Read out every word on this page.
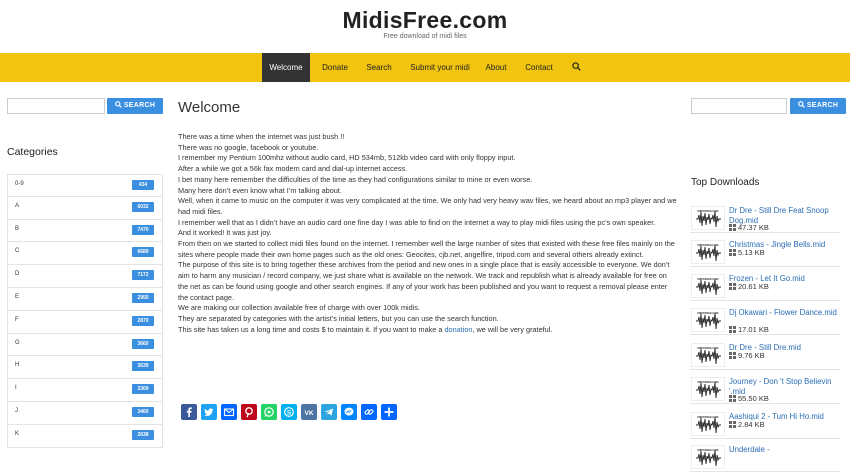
MidisFree.com
Free download of midi files
Welcome	Donate	Search	Submit your midi	About	Contact
SEARCH
Categories
0-9	434
A	6032
B	7470
C	6689
D	7172
E	2950
F	2870
G	3660
H	3639
I	2309
J	3460
K	2638
Welcome

There was a time when the internet was just bush !!

There was no google, facebook or youtube.

I remember my Pentium 100mhz without audio card, HD 534mb, 512kb video card with only floppy input.

After a while we got a 56k fax modem card and dial-up internet access.

I bet many here remember the difficulties of the time as they had configurations similar to mine or even worse.

Many here don’t even know what I’m talking about.

Well, when it came to music on the computer it was very complicated at the time. We only had very heavy wav files, we heard about an mp3 player and we had midi files.

I remember well that as I didn’t have an audio card one fine day I was able to find on the internet a way to play midi files using the pc’s own speaker.

And it worked! It was just joy.

From then on we started to collect midi files found on the internet. I remember well the large number of sites that existed with these free files mainly on the sites where people made their own home pages such as the old ones: Geocites, cjb.net, angelfire, tripod.com and several others already extinct.

The purpose of this site is to bring together these archives from the period and new ones in a single place that is easily accessible to everyone. We don’t aim to harm any musician / record company, we just share what is available on the network. We track and republish what is already available for free on the net as can be found using google and other search engines. If any of your work has been published and you want to request a removal please enter the contact page.

We are making our collection available free of charge with over 100k midis.

They are separated by categories with the artist’s initial letters, but you can use the search function.

This site has taken us a long time and costs $ to maintain it. If you want to make a donation, we will be very grateful.

S VK
SEARCH
Top Downloads
MIDISFREE.COM Dr Dre - Still Dre Feat Snoop Dog.mid
47.37 KB
MIDISFREE.COM Christmas - Jingle Bells.mid
5.13 KB
MIDISFREE.COM Frozen - Let It Go.mid
20.61 KB
MIDISFREE.COM Dj Okawari - Flower Dance.mid
17.01 KB
MIDISFREE.COM Dr Dre - Still Dre.mid
9.76 KB
MIDISFREE.COM Journey - Don 't Stop Believin '.mid
55.50 KB
MIDISFREE.COM Aashiqui 2 - Tum Hi Ho.mid
2.84 KB
MIDISFREE.COM Underdale -
